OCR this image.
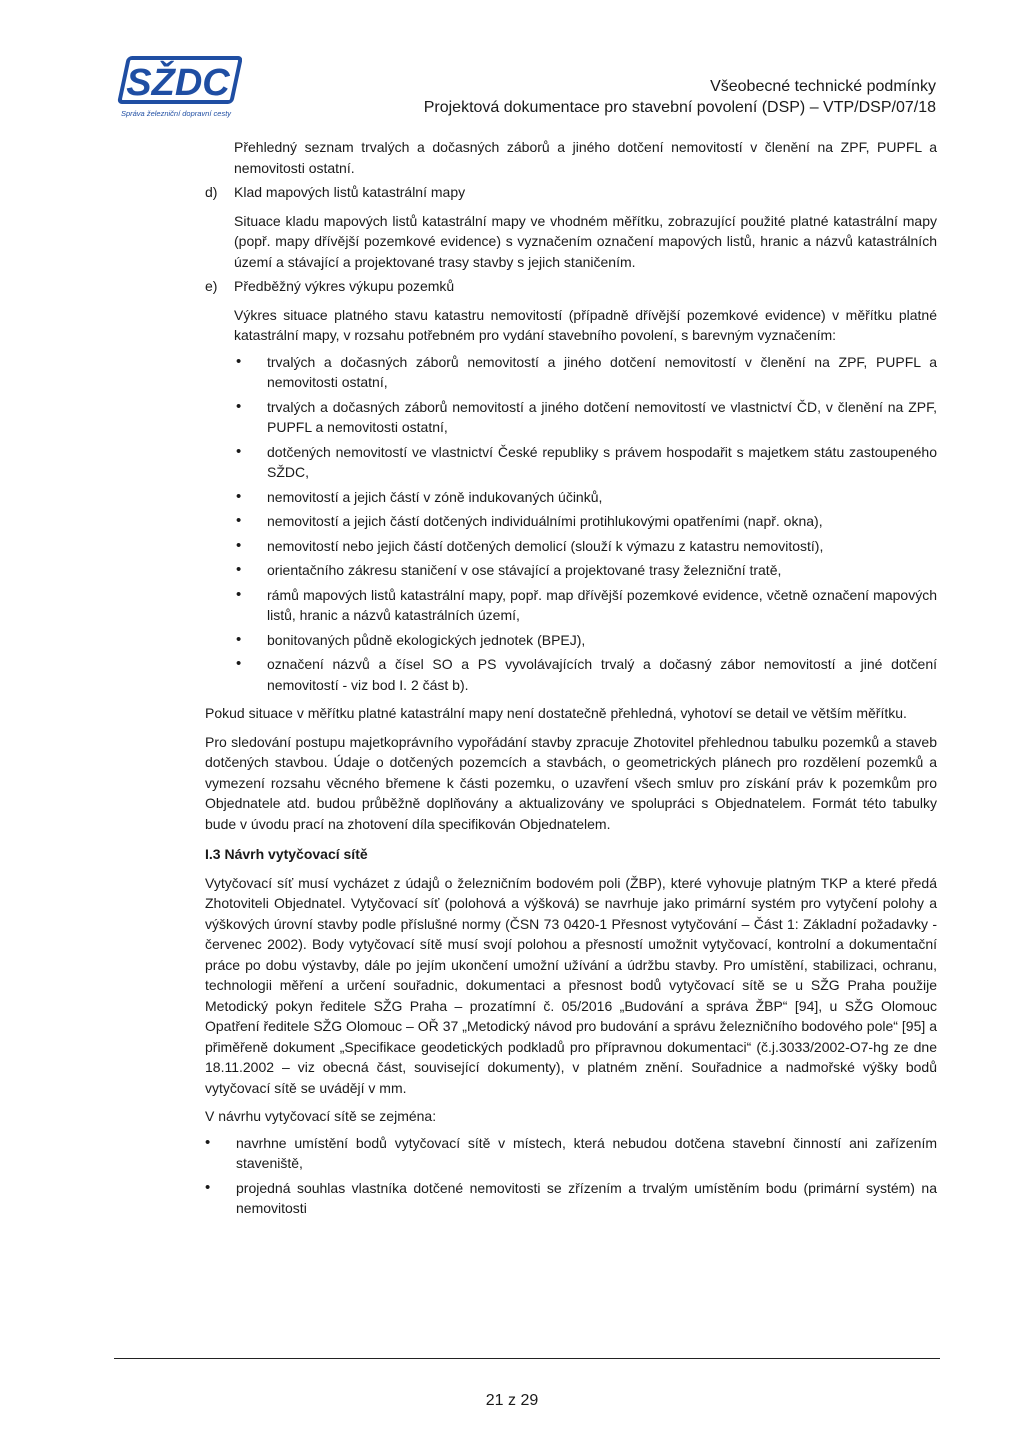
SŽDC
Správa železniční dopravní cesty
Všeobecné technické podmínky
Projektová dokumentace pro stavební povolení (DSP) – VTP/DSP/07/18

Přehledný seznam trvalých a dočasných záborů a jiného dotčení nemovitostí v členění na ZPF, PUPFL a nemovitosti ostatní.

d) Klad mapových listů katastrální mapy

Situace kladu mapových listů katastrální mapy ve vhodném měřítku, zobrazující použité platné katastrální mapy (popř. mapy dřívější pozemkové evidence) s vyznačením označení mapových listů, hranic a názvů katastrálních území a stávající a projektované trasy stavby s jejich staničením.

e) Předběžný výkres výkupu pozemků

Výkres situace platného stavu katastru nemovitostí (případně dřívější pozemkové evidence) v měřítku platné katastrální mapy, v rozsahu potřebném pro vydání stavebního povolení, s barevným vyznačením:

• trvalých a dočasných záborů nemovitostí a jiného dotčení nemovitostí v členění na ZPF, PUPFL a nemovitosti ostatní,
• trvalých a dočasných záborů nemovitostí a jiného dotčení nemovitostí ve vlastnictví ČD, v členění na ZPF, PUPFL a nemovitosti ostatní,
• dotčených nemovitostí ve vlastnictví České republiky s právem hospodařit s majetkem státu zastoupeného SŽDC,
• nemovitostí a jejich částí v zóně indukovaných účinků,
• nemovitostí a jejich částí dotčených individuálními protihlukovými opatřeními (např. okna),
• nemovitostí nebo jejich částí dotčených demolicí (slouží k výmazu z katastru nemovitostí),
• orientačního zákresu staničení v ose stávající a projektované trasy železniční tratě,
• rámů mapových listů katastrální mapy, popř. map dřívější pozemkové evidence, včetně označení mapových listů, hranic a názvů katastrálních území,
• bonitovaných půdně ekologických jednotek (BPEJ),
• označení názvů a čísel SO a PS vyvolávajících trvalý a dočasný zábor nemovitostí a jiné dotčení nemovitostí - viz bod I. 2 část b).

Pokud situace v měřítku platné katastrální mapy není dostatečně přehledná, vyhotoví se detail ve větším měřítku.

Pro sledování postupu majetkoprávního vypořádání stavby zpracuje Zhotovitel přehlednou tabulku pozemků a staveb dotčených stavbou. Údaje o dotčených pozemcích a stavbách, o geometrických plánech pro rozdělení pozemků a vymezení rozsahu věcného břemene k části pozemku, o uzavření všech smluv pro získání práv k pozemkům pro Objednatele atd. budou průběžně doplňovány a aktualizovány ve spolupráci s Objednatelem. Formát této tabulky bude v úvodu prací na zhotovení díla specifikován Objednatelem.

I.3 Návrh vytyčovací sítě

Vytyčovací síť musí vycházet z údajů o železničním bodovém poli (ŽBP), které vyhovuje platným TKP a které předá Zhotoviteli Objednatel. Vytyčovací síť (polohová a výšková) se navrhuje jako primární systém pro vytyčení polohy a výškových úrovní stavby podle příslušné normy (ČSN 73 0420-1 Přesnost vytyčování – Část 1: Základní požadavky - červenec 2002). Body vytyčovací sítě musí svojí polohou a přesností umožnit vytyčovací, kontrolní a dokumentační práce po dobu výstavby, dále po jejím ukončení umožní užívání a údržbu stavby. Pro umístění, stabilizaci, ochranu, technologii měření a určení souřadnic, dokumentaci a přesnost bodů vytyčovací sítě se u SŽG Praha použije Metodický pokyn ředitele SŽG Praha – prozatímní č. 05/2016 „Budování a správa ŽBP“ [94], u SŽG Olomouc Opatření ředitele SŽG Olomouc – OŘ 37 „Metodický návod pro budování a správu železničního bodového pole“ [95] a přiměřeně dokument „Specifikace geodetických podkladů pro přípravnou dokumentaci“ (č.j.3033/2002-O7-hg ze dne 18.11.2002 – viz obecná část, související dokumenty), v platném znění. Souřadnice a nadmořské výšky bodů vytyčovací sítě se uvádějí v mm.

V návrhu vytyčovací sítě se zejména:

• navrhne umístění bodů vytyčovací sítě v místech, která nebudou dotčena stavební činností ani zařízením staveniště,
• projedná souhlas vlastníka dotčené nemovitosti se zřízením a trvalým umístěním bodu (primární systém) na nemovitosti
21 z 29
